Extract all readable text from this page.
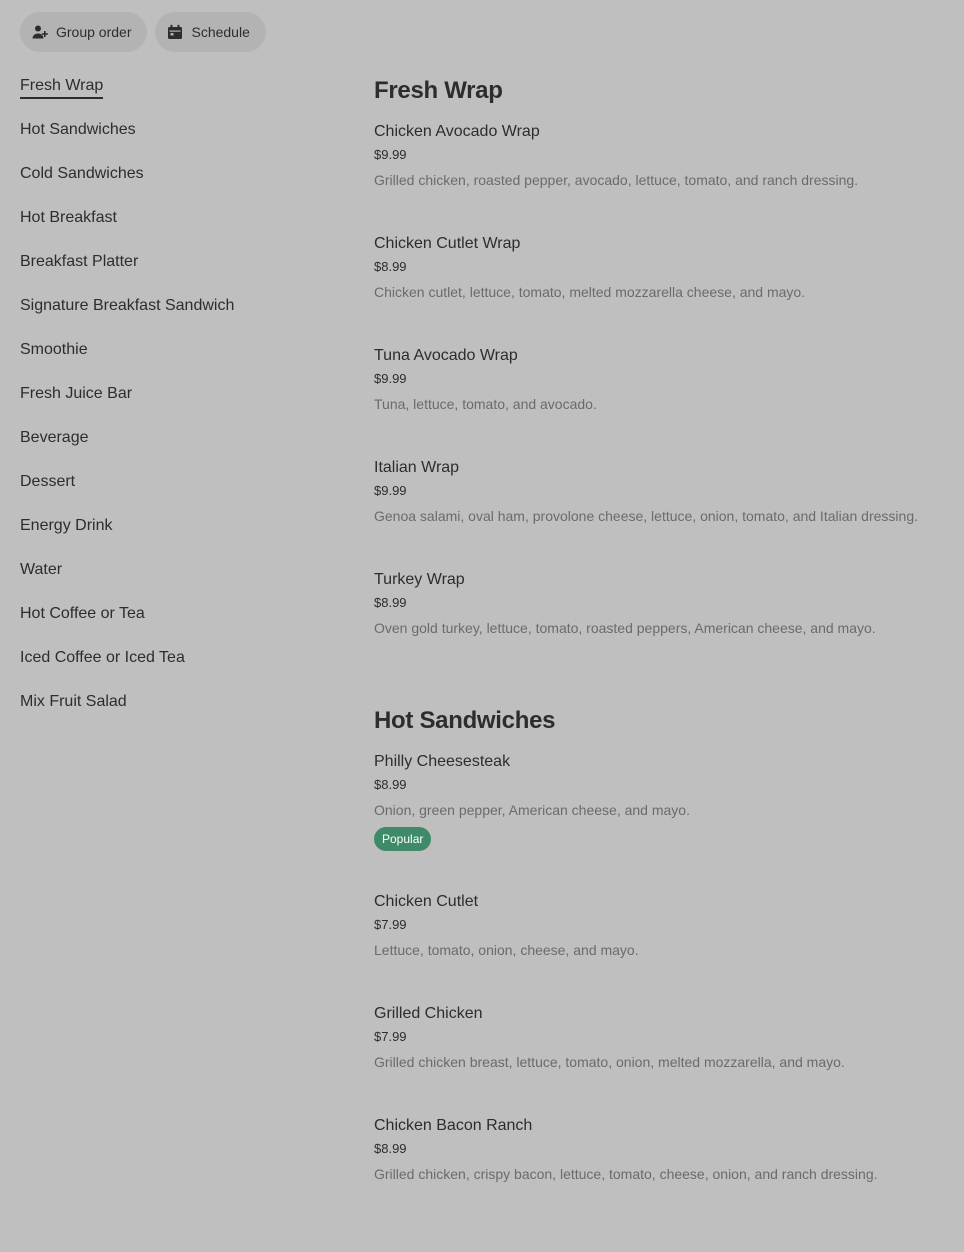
Group order	Schedule
Fresh Wrap
Hot Sandwiches
Cold Sandwiches
Hot Breakfast
Breakfast Platter
Signature Breakfast Sandwich
Smoothie
Fresh Juice Bar
Beverage
Dessert
Energy Drink
Water
Hot Coffee or Tea
Iced Coffee or Iced Tea
Mix Fruit Salad
Fresh Wrap
Chicken Avocado Wrap
$9.99
Grilled chicken, roasted pepper, avocado, lettuce, tomato, and ranch dressing.
Chicken Cutlet Wrap
$8.99
Chicken cutlet, lettuce, tomato, melted mozzarella cheese, and mayo.
Tuna Avocado Wrap
$9.99
Tuna, lettuce, tomato, and avocado.
Italian Wrap
$9.99
Genoa salami, oval ham, provolone cheese, lettuce, onion, tomato, and Italian dressing.
Turkey Wrap
$8.99
Oven gold turkey, lettuce, tomato, roasted peppers, American cheese, and mayo.
Hot Sandwiches
Philly Cheesesteak
$8.99
Onion, green pepper, American cheese, and mayo.
Popular
Chicken Cutlet
$7.99
Lettuce, tomato, onion, cheese, and mayo.
Grilled Chicken
$7.99
Grilled chicken breast, lettuce, tomato, onion, melted mozzarella, and mayo.
Chicken Bacon Ranch
$8.99
Grilled chicken, crispy bacon, lettuce, tomato, cheese, onion, and ranch dressing.
